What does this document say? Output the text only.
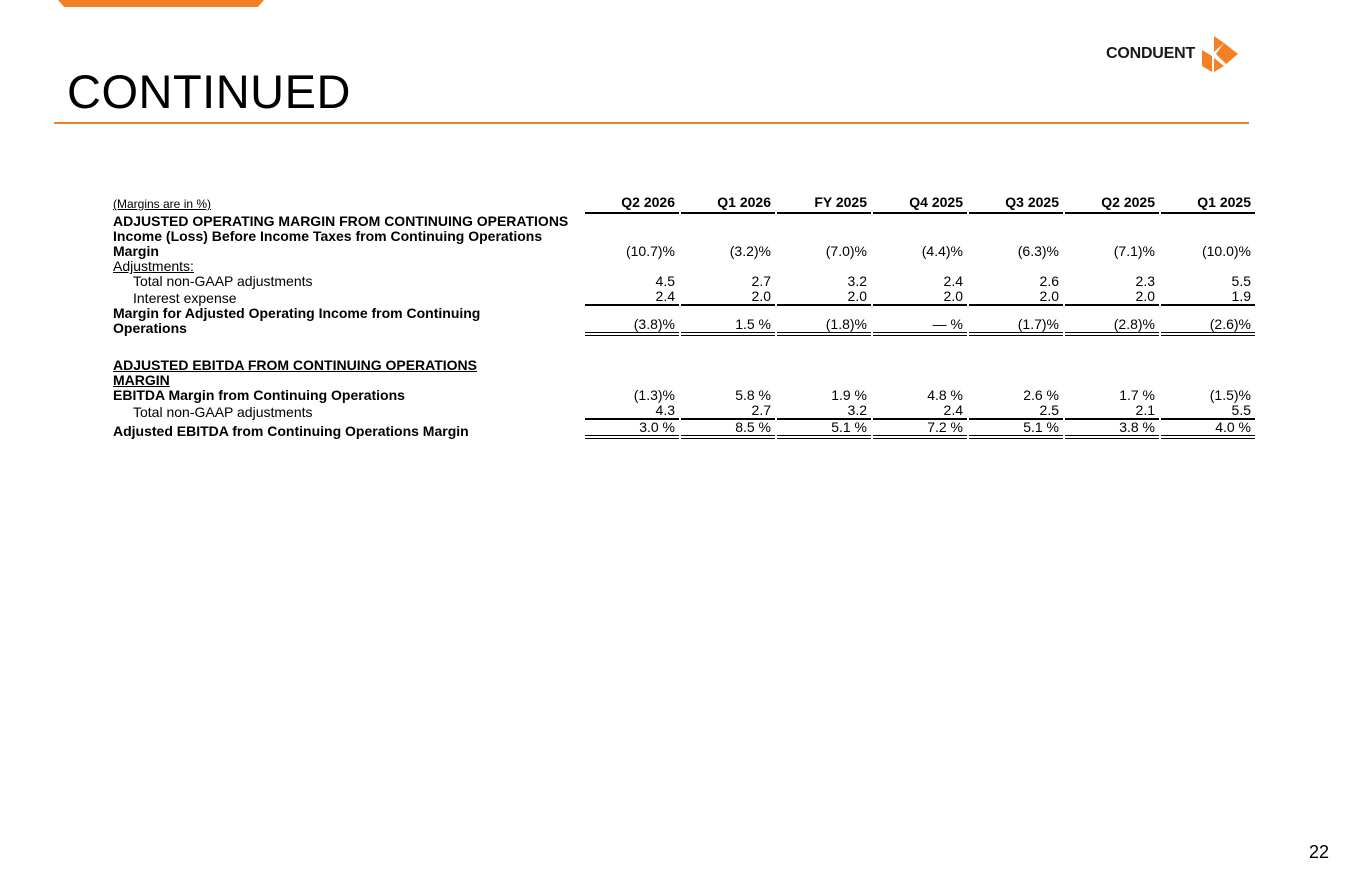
CONDUENT
CONTINUED
(Margins are in %)	Q2 2026		Q1 2026		FY 2025		Q4 2025		Q3 2025		Q2 2025		Q1 2025
ADJUSTED OPERATING MARGIN FROM CONTINUING OPERATIONS													
Income (Loss) Before Income Taxes from Continuing Operations Margin	(10.7)%		(3.2)%		(7.0)%		(4.4)%		(6.3)%		(7.1)%		(10.0)%
Adjustments:													
Total non-GAAP adjustments	4.5		2.7		3.2		2.4		2.6		2.3		5.5
Interest expense	2.4		2.0		2.0		2.0		2.0		2.0		1.9
Margin for Adjusted Operating Income from Continuing Operations	(3.8)%		1.5 %		(1.8)%		— %		(1.7)%		(2.8)%		(2.6)%

ADJUSTED EBITDA FROM CONTINUING OPERATIONS MARGIN													
EBITDA Margin from Continuing Operations	(1.3)%		5.8 %		1.9 %		4.8 %		2.6 %		1.7 %		(1.5)%
Total non-GAAP adjustments	4.3		2.7		3.2		2.4		2.5		2.1		5.5
Adjusted EBITDA from Continuing Operations Margin	3.0 %		8.5 %		5.1 %		7.2 %		5.1 %		3.8 %		4.0 %
22
